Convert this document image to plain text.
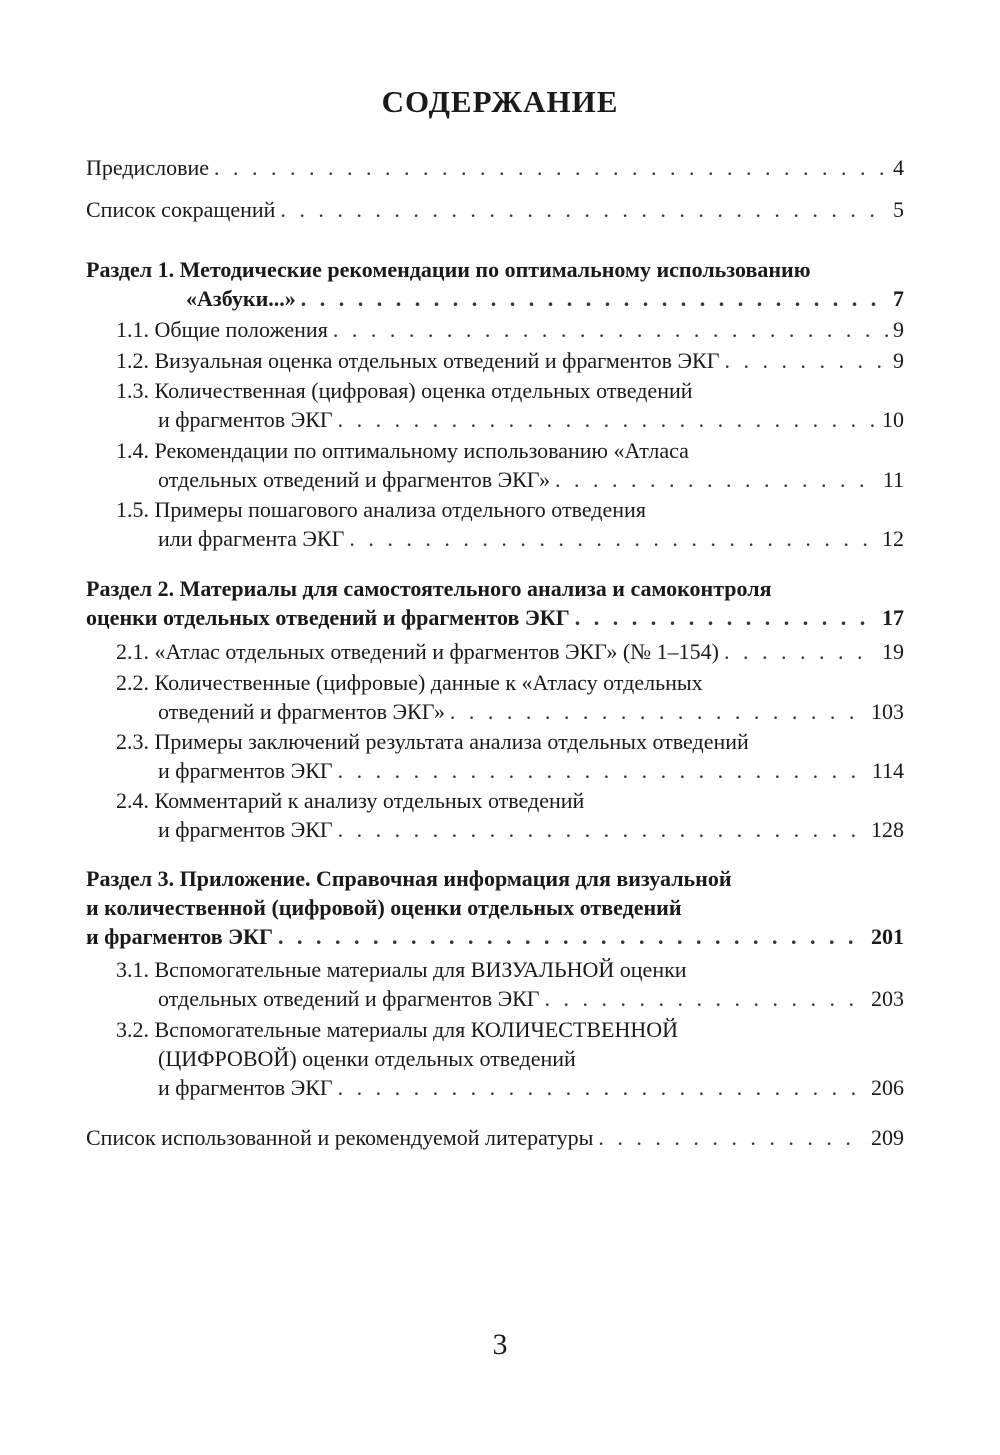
СОДЕРЖАНИЕ
Предисловие . . .	4
Список сокращений . . .	5
Раздел 1. Методические рекомендации по оптимальному использованию
«Азбуки...» . . .	7
1.1. Общие положения . . .	9
1.2. Визуальная оценка отдельных отведений и фрагментов ЭКГ . . .	9
1.3. Количественная (цифровая) оценка отдельных отведений
и фрагментов ЭКГ . . .	10
1.4. Рекомендации по оптимальному использованию «Атласа
отдельных отведений и фрагментов ЭКГ» . . .	11
1.5. Примеры пошагового анализа отдельного отведения
или фрагмента ЭКГ . . .	12
Раздел 2. Материалы для самостоятельного анализа и самоконтроля
оценки отдельных отведений и фрагментов ЭКГ . . .	17
2.1. «Атлас отдельных отведений и фрагментов ЭКГ» (№ 1–154) . . .	19
2.2. Количественные (цифровые) данные к «Атласу отдельных
отведений и фрагментов ЭКГ» . . .	103
2.3. Примеры заключений результата анализа отдельных отведений
и фрагментов ЭКГ . . .	114
2.4. Комментарий к анализу отдельных отведений
и фрагментов ЭКГ . . .	128
Раздел 3. Приложение. Справочная информация для визуальной
и количественной (цифровой) оценки отдельных отведений
и фрагментов ЭКГ . . .	201
3.1. Вспомогательные материалы для ВИЗУАЛЬНОЙ оценки
отдельных отведений и фрагментов ЭКГ . . .	203
3.2. Вспомогательные материалы для КОЛИЧЕСТВЕННОЙ
(ЦИФРОВОЙ) оценки отдельных отведений
и фрагментов ЭКГ . . .	206
Список использованной и рекомендуемой литературы . . .	209
3
